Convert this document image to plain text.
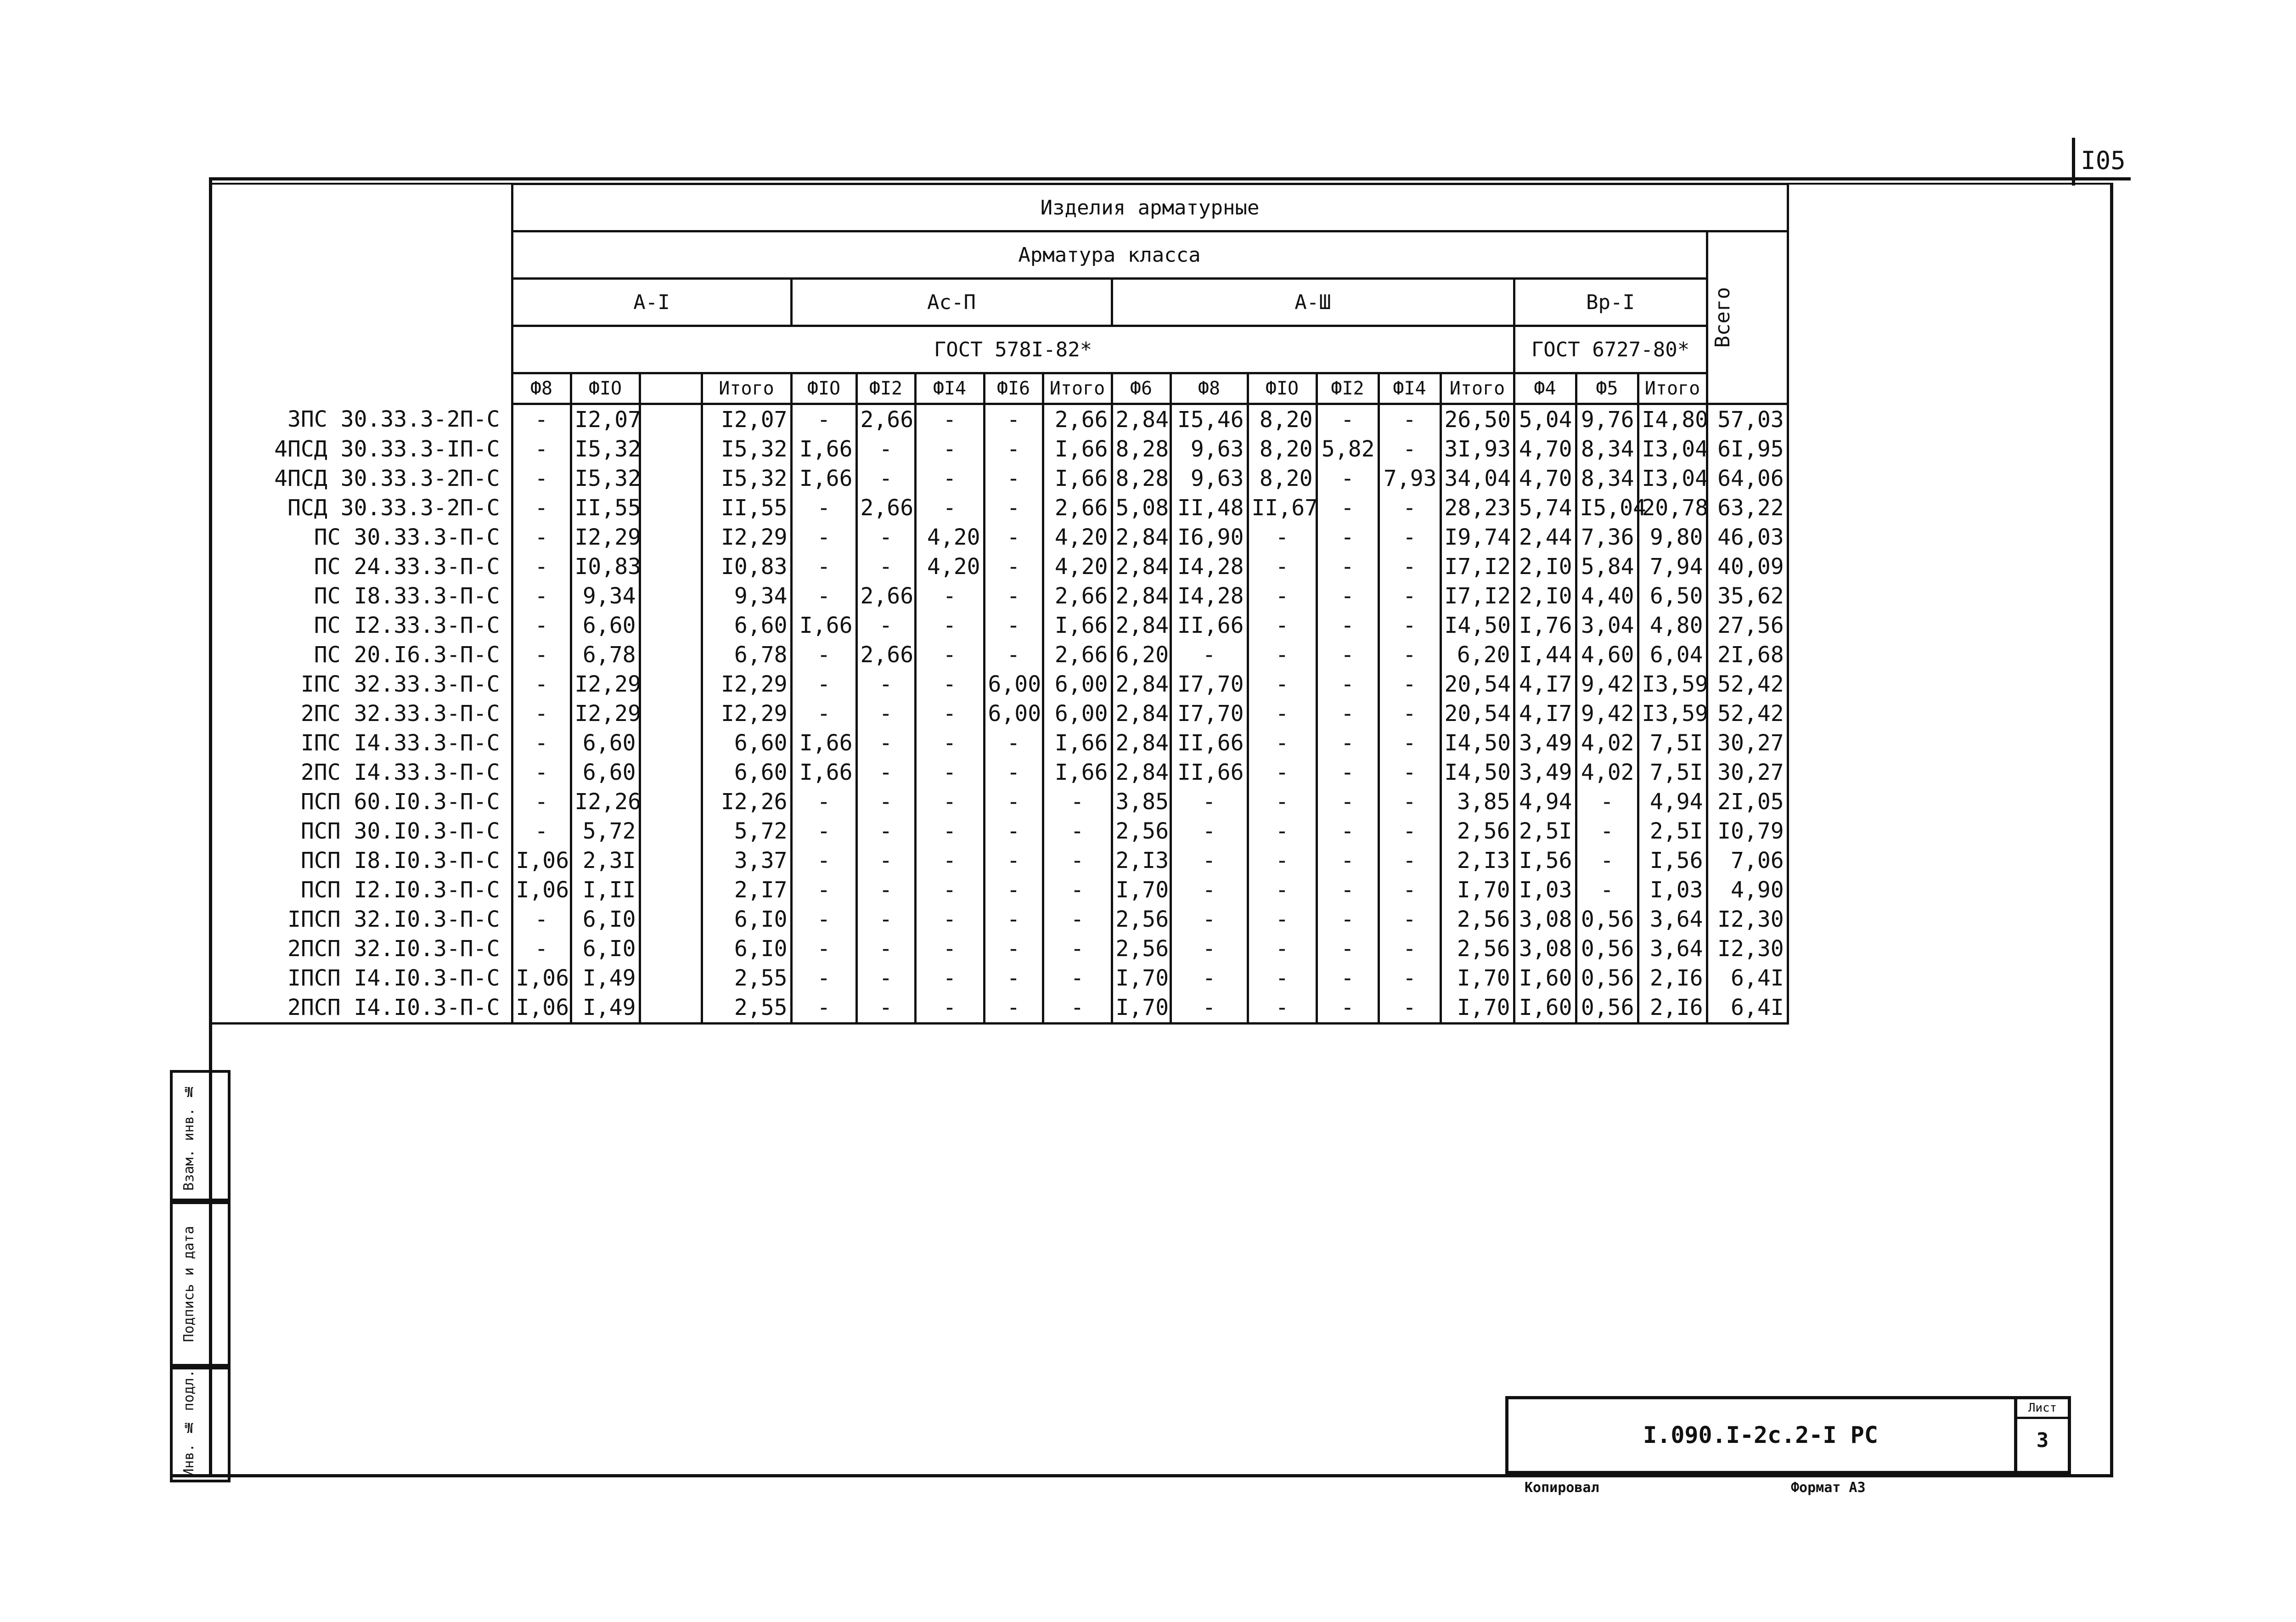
I05
	Изделия арматурные																		
	Арматура класса																		Всего

	А-I				Ас-П					А-Ш						Вр-I			
	ГОСТ 578I-82*															ГОСТ 6727-80*			
	Ф8	ФIO		Итого	ФIO	ФI2	ФI4	ФI6	Итого	Ф6	Ф8	ФIO	ФI2	ФI4	Итого	Ф4	Ф5	Итого	
3ПС 30.33.3-2П-С	-	I2,07		I2,07	-	2,66	-	-	2,66	2,84	I5,46	8,20	-	-	26,50	5,04	9,76	I4,80	57,03
4ПСД 30.33.3-IП-С	-	I5,32		I5,32	I,66	-	-	-	I,66	8,28	9,63	8,20	5,82	-	3I,93	4,70	8,34	I3,04	6I,95
4ПСД 30.33.3-2П-С	-	I5,32		I5,32	I,66	-	-	-	I,66	8,28	9,63	8,20	-	7,93	34,04	4,70	8,34	I3,04	64,06
ПСД 30.33.3-2П-С	-	II,55		II,55	-	2,66	-	-	2,66	5,08	II,48	II,67	-	-	28,23	5,74	I5,04	20,78	63,22
ПС 30.33.3-П-С	-	I2,29		I2,29	-	-	4,20	-	4,20	2,84	I6,90	-	-	-	I9,74	2,44	7,36	9,80	46,03
ПС 24.33.3-П-С	-	I0,83		I0,83	-	-	4,20	-	4,20	2,84	I4,28	-	-	-	I7,I2	2,I0	5,84	7,94	40,09
ПС I8.33.3-П-С	-	9,34		9,34	-	2,66	-	-	2,66	2,84	I4,28	-	-	-	I7,I2	2,I0	4,40	6,50	35,62
ПС I2.33.3-П-С	-	6,60		6,60	I,66	-	-	-	I,66	2,84	II,66	-	-	-	I4,50	I,76	3,04	4,80	27,56
ПС 20.I6.3-П-С	-	6,78		6,78	-	2,66	-	-	2,66	6,20	-	-	-	-	6,20	I,44	4,60	6,04	2I,68
IПС 32.33.3-П-С	-	I2,29		I2,29	-	-	-	6,00	6,00	2,84	I7,70	-	-	-	20,54	4,I7	9,42	I3,59	52,42
2ПС 32.33.3-П-С	-	I2,29		I2,29	-	-	-	6,00	6,00	2,84	I7,70	-	-	-	20,54	4,I7	9,42	I3,59	52,42
IПС I4.33.3-П-С	-	6,60		6,60	I,66	-	-	-	I,66	2,84	II,66	-	-	-	I4,50	3,49	4,02	7,5I	30,27
2ПС I4.33.3-П-С	-	6,60		6,60	I,66	-	-	-	I,66	2,84	II,66	-	-	-	I4,50	3,49	4,02	7,5I	30,27
ПСП 60.I0.3-П-С	-	I2,26		I2,26	-	-	-	-	-	3,85	-	-	-	-	3,85	4,94	-	4,94	2I,05
ПСП 30.I0.3-П-С	-	5,72		5,72	-	-	-	-	-	2,56	-	-	-	-	2,56	2,5I	-	2,5I	I0,79
ПСП I8.I0.3-П-С	I,06	2,3I		3,37	-	-	-	-	-	2,I3	-	-	-	-	2,I3	I,56	-	I,56	7,06
ПСП I2.I0.3-П-С	I,06	I,II		2,I7	-	-	-	-	-	I,70	-	-	-	-	I,70	I,03	-	I,03	4,90
IПСП 32.I0.3-П-С	-	6,I0		6,I0	-	-	-	-	-	2,56	-	-	-	-	2,56	3,08	0,56	3,64	I2,30
2ПСП 32.I0.3-П-С	-	6,I0		6,I0	-	-	-	-	-	2,56	-	-	-	-	2,56	3,08	0,56	3,64	I2,30
IПСП I4.I0.3-П-С	I,06	I,49		2,55	-	-	-	-	-	I,70	-	-	-	-	I,70	I,60	0,56	2,I6	6,4I
2ПСП I4.I0.3-П-С	I,06	I,49		2,55	-	-	-	-	-	I,70	-	-	-	-	I,70	I,60	0,56	2,I6	6,4I
Взам. инв. №
Подпись и дата
Инв. № подл.	I.090.I-2с.2-I РС
Лист
3
Копировал	Формат А3
